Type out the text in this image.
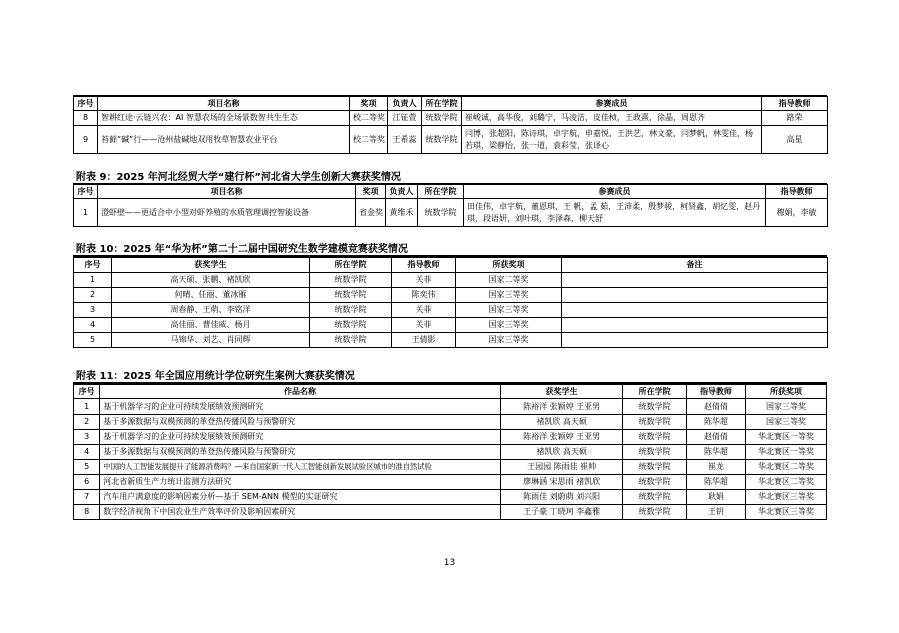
序号	项目名称	奖项	负责人	所在学院	参赛成员	指导教师
8	智耕红途·云链兴农：AI 智慧农场的全场景数智共生生态	校二等奖	江钲萱	统数学院	崔峻诚，高华俊，刘璐宁，马凌洁，皮佳桢，王政熹，徐晶，周恩齐	路荣
9	苔藓“碱”行——沧州盐碱地双用牧草智慧农业平台	校二等奖	王希蕊	统数学院	闫博，张超阳，陈诗琪，卓宇航，申嘉悦，王洪艺，林文豪，闫梦帆，林雯佳，杨若琪，梁静怡，张一道，袁彩莹，张译心	高星
附表 9：2025 年河北经贸大学“建行杯”河北省大学生创新大赛获奖情况
序号	项目名称	奖项	负责人	所在学院	参赛成员	指导教师
1	澄虾壁——更适合中小型对虾养殖的水质管理调控智能设备	省金奖	黄维禾	统数学院	田佳伟，卓宇航，董恩琪，王 帆，孟 茹，王沛柔，殷梦骏，柯贤鑫，胡忆雯，赵丹琪，段语妍，刘叶琪，李泽森，柳天舒	穆娟，李敏
附表 10：2025 年“华为杯”第二十二届中国研究生数学建模竞赛获奖情况
序号	获奖学生	所在学院	指导教师	所获奖项	备注
1	高天硕、张鹏、褚凯欣	统数学院	关菲	国家二等奖	
2	何晴、任丽、董冰雁	统数学院	陈奕伟	国家三等奖	
3	周春静、王萌、李铭洋	统数学院	关菲	国家三等奖	
4	高佳丽、曹佳威、杨月	统数学院	关菲	国家三等奖	
5	马锦华、刘艺、肖同辉	统数学院	王倩影	国家三等奖	
附表 11：2025 年全国应用统计学位研究生案例大赛获奖情况
序号	作品名称	获奖学生	所在学院	指导教师	所获奖项
1	基于机器学习的企业可持续发展绩效预测研究	陈裕洋 张颖婷 王亚男	统数学院	赵倩倩	国家三等奖
2	基于多源数据与双模预测的革登热传播风险与预警研究	褚凯欣 高天硕	统数学院	陈华超	国家三等奖
3	基于机器学习的企业可持续发展绩效预测研究	陈裕洋 张颖婷 王亚男	统数学院	赵倩倩	华北赛区一等奖
4	基于多源数据与双模预测的革登热传播风险与预警研究	褚凯欣 高天硕	统数学院	陈华超	华北赛区一等奖
5	中国的人工智能发展提升了能源消费吗？—来自国家新一代人工智能创新发展试验区城市的准自然试验	王园园 陈雨佳 崔帅	统数学院	崔龙	华北赛区二等奖
6	河北省新质生产力统计监测方法研究	廖琳涵 宋思雨 褚凯欣	统数学院	陈华超	华北赛区二等奖
7	汽车用户满意度的影响因素分析—基于 SEM-ANN 模型的实证研究	陈雨佳 刘蔚萌 刘兴阳	统数学院	耿娟	华北赛区三等奖
8	数字经济视角下中国农业生产效率评价及影响因素研究	王子豪 丁晓珂 李鑫雅	统数学院	王钥	华北赛区三等奖
13
